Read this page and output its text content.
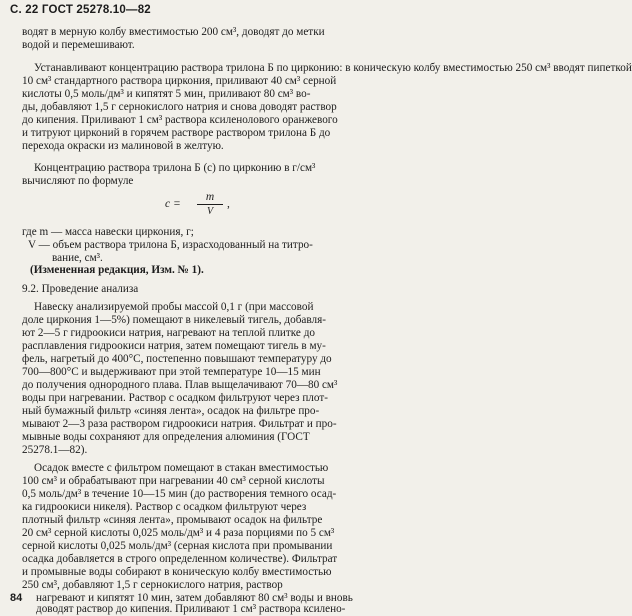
С. 22 ГОСТ 25278.10—82
водят в мерную колбу вместимостью 200 см³, доводят до метки
водой и перемешивают.
Устанавливают концентрацию раствора трилона Б по цирконию: в коническую колбу вместимостью 250 см³ вводят пипеткой
10 см³ стандартного раствора циркония, приливают 40 см³ серной
кислоты 0,5 моль/дм³ и кипятят 5 мин, приливают 80 см³ во-
ды, добавляют 1,5 г сернокислого натрия и снова доводят раствор
до кипения. Приливают 1 см³ раствора ксиленолового оранжевого
и титруют цирконий в горячем растворе раствором трилона Б до
перехода окраски из малиновой в желтую.
Концентрацию раствора трилона Б (с) по цирконию в г/см³
вычисляют по формуле
c =
m
V
,
где m — масса навески циркония, г;
V — объем раствора трилона Б, израсходованный на титро-
вание, см³.
(Измененная редакция, Изм. № 1).
9.2. Проведение анализа
Навеску анализируемой пробы массой 0,1 г (при массовой
доле циркония 1—5%) помещают в никелевый тигель, добавля-
ют 2—5 г гидроокиси натрия, нагревают на теплой плитке до
расплавления гидроокиси натрия, затем помещают тигель в му-
фель, нагретый до 400°С, постепенно повышают температуру до
700—800°С и выдерживают при этой температуре 10—15 мин
до получения однородного плава. Плав выщелачивают 70—80 см³
воды при нагревании. Раствор с осадком фильтруют через плот-
ный бумажный фильтр «синяя лента», осадок на фильтре про-
мывают 2—3 раза раствором гидроокиси натрия. Фильтрат и про-
мывные воды сохраняют для определения алюминия (ГОСТ
25278.1—82).
Осадок вместе с фильтром помещают в стакан вместимостью
100 см³ и обрабатывают при нагревании 40 см³ серной кислоты
0,5 моль/дм³ в течение 10—15 мин (до растворения темного осад-
ка гидроокиси никеля). Раствор с осадком фильтруют через
плотный фильтр «синяя лента», промывают осадок на фильтре
20 см³ серной кислоты 0,025 моль/дм³ и 4 раза порциями по 5 см³
серной кислоты 0,025 моль/дм³ (серная кислота при промывании
осадка добавляется в строго определенном количестве). Фильтрат
и промывные воды собирают в коническую колбу вместимостью
250 см³, добавляют 1,5 г сернокислого натрия, раствор
нагревают и кипятят 10 мин, затем добавляют 80 см³ воды и вновь
доводят раствор до кипения. Приливают 1 см³ раствора ксилено-
84
